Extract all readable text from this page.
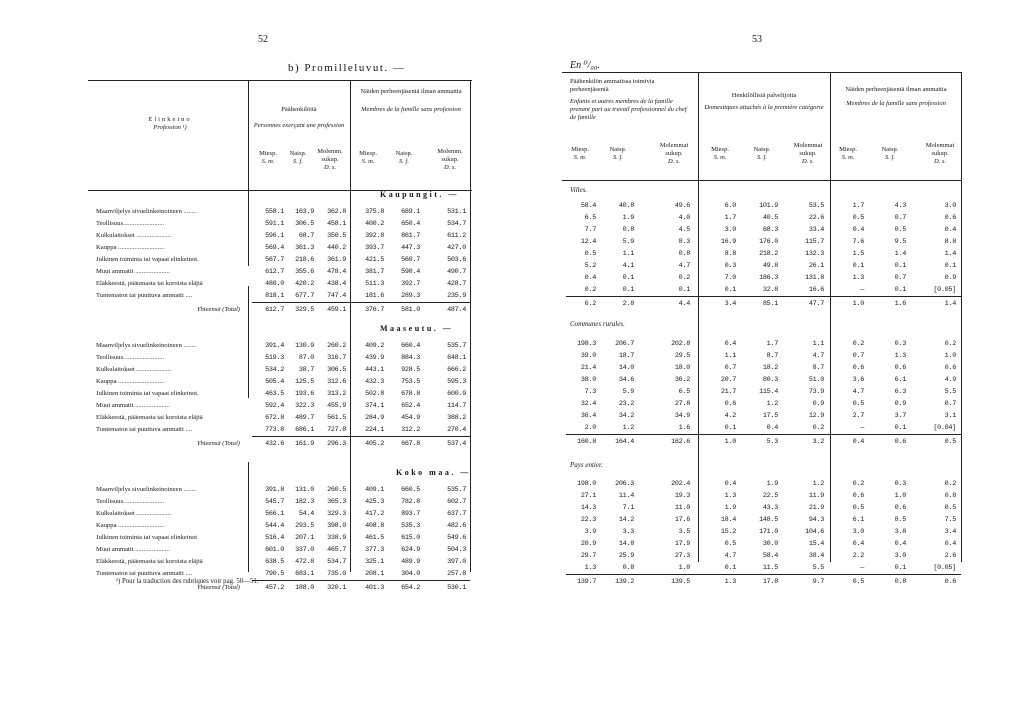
52
b) Promilleluvut. —
Elinkeino
Profession ¹)
Päähenkilöitä
Personnes exerçant une profession
Näiden perheenjäseniä ilman ammattia
Membres de la famille sans profession
Miesp.
S. m.
Naisp.
S. f.
Molemm. sukup.
D. s.
Miesp.
S. m.
Naisp.
S. f.
Molemm. sukup.
D. s.
Kaupungit. —
Maaseutu. —
Koko maa. —
Maanviljelys sivuelinkeinoineen ........	558.1	163.9	362.8	375.8	689.1	531.1
Teollisuus.........................	591.1	306.5	458.1	400.2	650.4	534.7
Kulkulaitokset .....................	596.1	68.7	350.5	392.8	861.7	611.2
Kauppa ............................	569.4	361.3	440.2	393.7	447.3	427.0
Julkinen toiminta tai vapaat elinkeinot.	567.7	218.6	361.9	421.5	560.7	503.6
Muut ammatit .....................	612.7	355.6	478.4	381.7	590.4	490.7
Eläkkeestä, pääomasta tai koroista eläjiä	480.0	420.2	438.4	511.3	392.7	428.7
Tuntematon tai puuttuva ammatti ....	818.1	677.7	747.4	181.6	289.3	235.9
Yhteensä (Total)	612.7	329.5	459.1	376.7	581.0	487.4
Maanviljelys sivuelinkeinoineen ........	391.4	130.9	260.2	409.2	660.4	535.7
Teollisuus.........................	519.3	87.0	316.7	439.9	884.3	648.1
Kulkulaitokset .....................	534.2	38.7	306.5	443.1	928.5	666.2
Kauppa ............................	505.4	125.5	312.6	432.3	753.5	595.3
Julkinen toiminta tai vapaat elinkeinot.	463.5	193.6	313.2	502.8	678.8	600.9
Muut ammatit .....................	592.4	322.3	455.9	374.1	652.4	114.7
Eläkkeestä, pääomasta tai koroista eläjiä	672.8	489.7	561.5	284.9	454.9	388.2
Tuntematon tai puuttuva ammatti ....	773.8	686.1	727.8	224.1	312.2	270.4
Yhteensä (Total)	432.6	161.9	296.3	405.2	667.8	537.4
Maanviljelys sivuelinkeinoineen ........	391.8	131.0	260.5	409.1	660.5	535.7
Teollisuus.........................	545.7	182.3	365.3	425.3	782.8	602.7
Kulkulaitokset .....................	566.1	54.4	329.3	417.2	893.7	637.7
Kauppa ............................	544.4	293.5	398.0	408.8	535.3	482.6
Julkinen toiminta tai vapaat elinkeinot	516.4	207.1	338.9	461.5	615.0	549.6
Muut ammatit .....................	601.0	337.0	465.7	377.3	624.9	504.3
Eläkkeestä, pääomasta tai koroista eläjiä	638.5	472.8	534.7	325.1	489.9	397.0
Tuntematon tai puuttuva ammatti ....	790.5	683.1	735.0	208.1	304.0	257.8
Yhteensä (Total)	457.2	188.0	320.1	401.3	654.2	530.1
¹) Pour la traduction des rubriques voir pag. 50—51.
53
En ⁰/₀₀.
Päähenkilön ammatissa toimivia perheenjäseniä
Enfants et autres membres de la famille prenant part au travail professionnel du chef de famille
Henkilöllisiä palvelijoita
Domestiques attachés à la première catégorie
Näiden perheenjäseniä ilman ammattia
Membres de la famille sans profession
Miesp.
S. m.
Naisp.
S. f.
Molemmat sukup.
D. s.
Miesp.
S. m.
Naisp.
S. f.
Molemmat sukup.
D. s.
Miesp.
S. m.
Naisp.
S. f.
Molemmat sukup.
D. s.
Villes.
Communes rurales.
Pays entier.
58.4	40.8	49.6	6.0	101.9	53.5	1.7	4.3	3.0
6.5	1.9	4.0	1.7	40.5	22.6	0.5	0.7	0.6
7.7	0.8	4.5	3.0	68.3	33.4	0.4	0.5	0.4
12.4	5.9	8.3	16.9	176.0	115.7	7.6	9.5	8.8
0.5	1.1	0.8	8.8	218.2	132.3	1.5	1.4	1.4
5.2	4.1	4.7	0.3	49.8	26.1	0.1	0.1	0.1
0.4	0.1	0.2	7.0	186.3	131.8	1.3	0.7	0.9
0.2	0.1	0.1	0.1	32.8	16.6	—	0.1	[0.05]
6.2	2.8	4.4	3.4	85.1	47.7	1.0	1.6	1.4
198.3	206.7	202.8	0.4	1.7	1.1	0.2	0.3	0.2
39.0	18.7	29.5	1.1	8.7	4.7	0.7	1.3	1.0
21.4	14.0	18.0	0.7	18.2	8.7	0.6	0.6	0.6
38.0	34.6	36.2	20.7	80.3	51.0	3.6	6.1	4.9
7.3	5.9	6.5	21.7	115.4	73.9	4.7	6.3	5.5
32.4	23.2	27.8	0.6	1.2	0.9	0.5	0.9	0.7
36.4	34.2	34.9	4.2	17.5	12.9	2.7	3.7	3.1
2.0	1.2	1.6	0.1	0.4	0.2	—	0.1	[0.04]
160.8	164.4	162.6	1.0	5.3	3.2	0.4	0.6	0.5
198.0	206.3	202.4	0.4	1.9	1.2	0.2	0.3	0.2
27.1	11.4	19.3	1.3	22.5	11.9	0.6	1.0	0.8
14.3	7.1	11.0	1.9	43.3	21.9	0.5	0.6	0.5
22.3	14.2	17.6	18.4	148.5	94.3	6.1	8.5	7.5
3.9	3.3	3.5	15.2	171.0	104.6	3.0	3.8	3.4
20.9	14.8	17.9	0.5	30.0	15.4	0.4	0.4	0.4
29.7	25.9	27.3	4.7	58.4	38.4	2.2	3.0	2.6
1.3	0.8	1.0	0.1	11.5	5.5	—	0.1	[0.05]
139.7	139.2	139.5	1.3	17.8	9.7	0.5	0.8	0.6
